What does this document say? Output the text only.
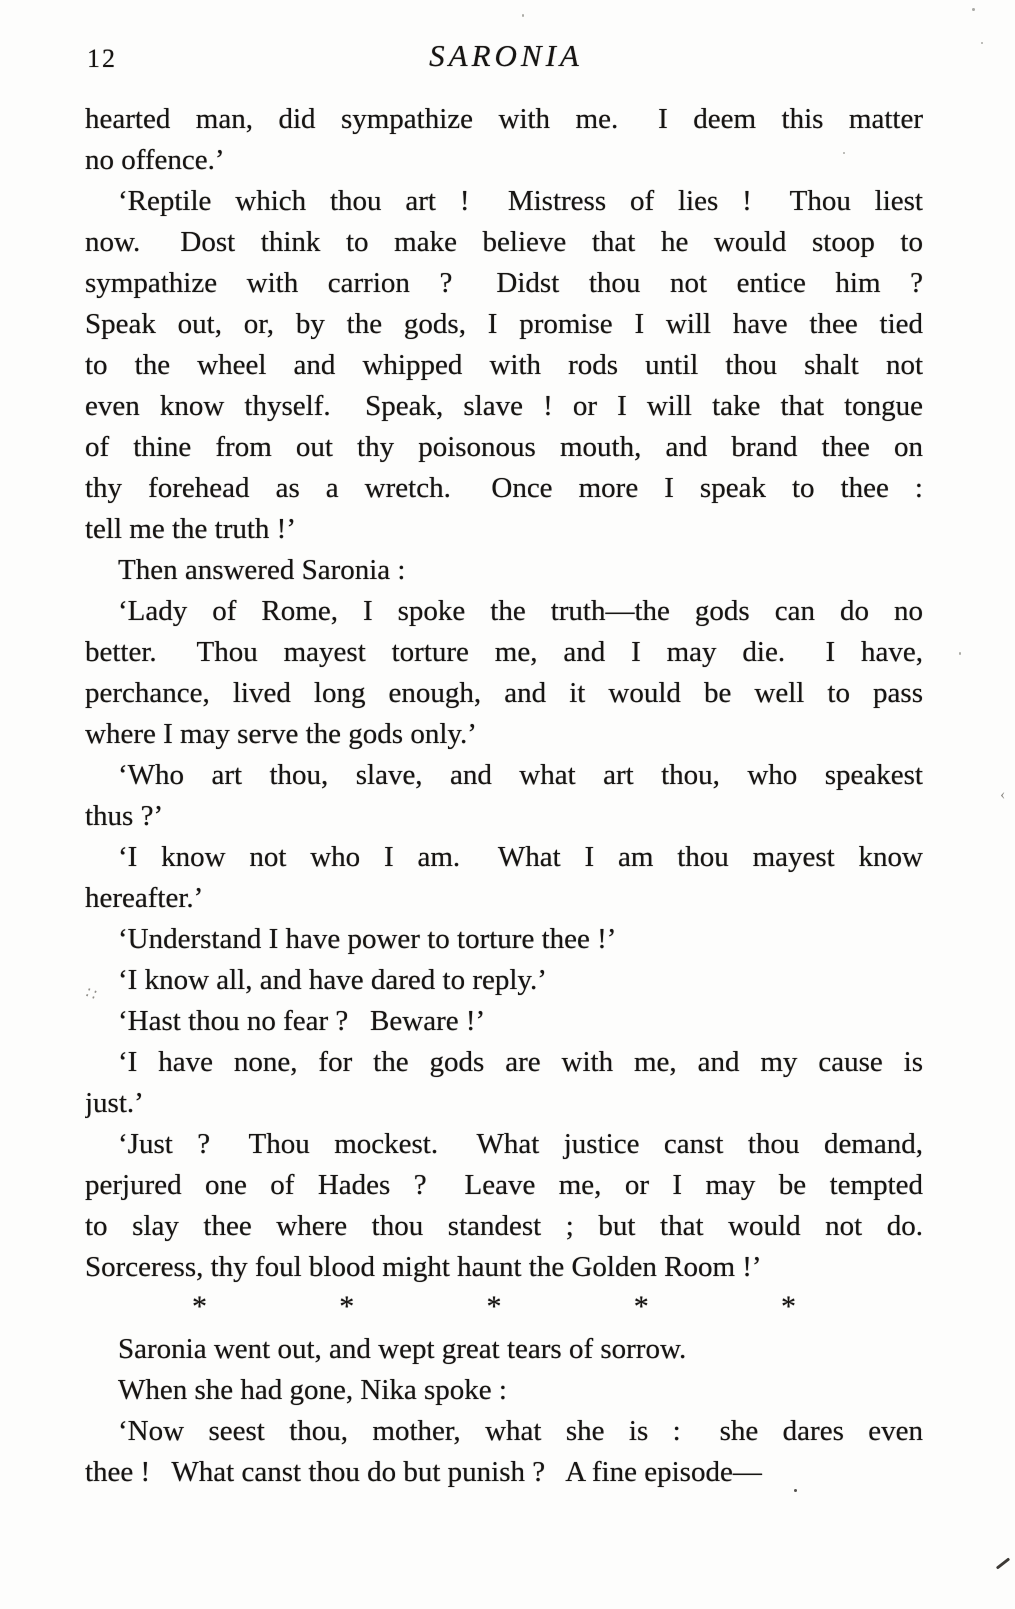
12	SARONIA
hearted man, did sympathize with me.  I deem this matter
no offence.’
‘Reptile which thou art !  Mistress of lies !  Thou liest
now.  Dost think to make believe that he would stoop to
sympathize with carrion ?  Didst thou not entice him ?
Speak out, or, by the gods, I promise I will have thee tied
to the wheel and whipped with rods until thou shalt not
even know thyself.  Speak, slave ! or I will take that tongue
of thine from out thy poisonous mouth, and brand thee on
thy forehead as a wretch.  Once more I speak to thee :
tell me the truth !’
Then answered Saronia :
‘Lady of Rome, I spoke the truth—the gods can do no
better.  Thou mayest torture me, and I may die.  I have,
perchance, lived long enough, and it would be well to pass
where I may serve the gods only.’
‘Who art thou, slave, and what art thou, who speakest
thus ?’
‘I know not who I am.  What I am thou mayest know
hereafter.’
‘Understand I have power to torture thee !’
‘I know all, and have dared to reply.’
‘Hast thou no fear ?  Beware !’
‘I have none, for the gods are with me, and my cause is
just.’
‘Just ?  Thou mockest.  What justice canst thou demand,
perjured one of Hades ?  Leave me, or I may be tempted
to slay thee where thou standest ; but that would not do.
Sorceress, thy foul blood might haunt the Golden Room !’
*	*	*	*	*
Saronia went out, and wept great tears of sorrow.
When she had gone, Nika spoke :
‘Now seest thou, mother, what she is :  she dares even
thee !  What canst thou do but punish ?  A fine episode—
‹
∷
